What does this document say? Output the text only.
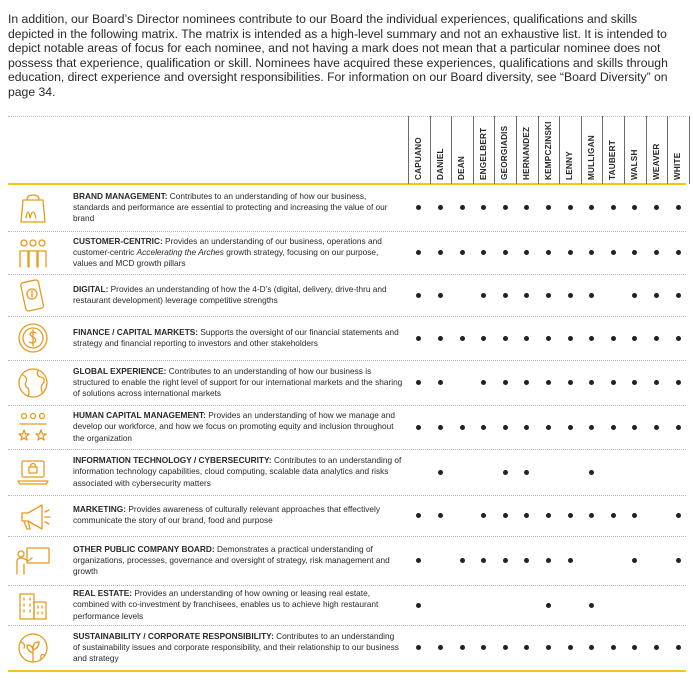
In addition, our Board’s Director nominees contribute to our Board the individual experiences, qualifications and skills depicted in the following matrix. The matrix is intended as a high-level summary and not an exhaustive list. It is intended to depict notable areas of focus for each nominee, and not having a mark does not mean that a particular nominee does not possess that experience, qualification or skill. Nominees have acquired these experiences, qualifications and skills through education, direct experience and oversight responsibilities. For information on our Board diversity, see “Board Diversity” on page 34.
CAPUANO DANIEL DEAN ENGELBERT GEORGIADIS HERNANDEZ KEMPCZINSKI LENNY MULLIGAN TAUBERT WALSH WEAVER WHITE
BRAND MANAGEMENT: Contributes to an understanding of how our business, standards and performance are essential to protecting and increasing the value of our brand
CUSTOMER-CENTRIC: Provides an understanding of our business, operations and customer-centric Accelerating the Arches growth strategy, focusing on our purpose, values and MCD growth pillars
DIGITAL: Provides an understanding of how the 4-D’s (digital, delivery, drive-thru and restaurant development) leverage competitive strengths
FINANCE / CAPITAL MARKETS: Supports the oversight of our financial statements and strategy and financial reporting to investors and other stakeholders
GLOBAL EXPERIENCE: Contributes to an understanding of how our business is structured to enable the right level of support for our international markets and the sharing of solutions across international markets
HUMAN CAPITAL MANAGEMENT: Provides an understanding of how we manage and develop our workforce, and how we focus on promoting equity and inclusion throughout the organization
INFORMATION TECHNOLOGY / CYBERSECURITY: Contributes to an understanding of information technology capabilities, cloud computing, scalable data analytics and risks associated with cybersecurity matters
MARKETING: Provides awareness of culturally relevant approaches that effectively communicate the story of our brand, food and purpose
OTHER PUBLIC COMPANY BOARD: Demonstrates a practical understanding of organizations, processes, governance and oversight of strategy, risk management and growth
REAL ESTATE: Provides an understanding of how owning or leasing real estate, combined with co-investment by franchisees, enables us to achieve high restaurant performance levels
SUSTAINABILITY / CORPORATE RESPONSIBILITY: Contributes to an understanding of sustainability issues and corporate responsibility, and their relationship to our business and strategy
